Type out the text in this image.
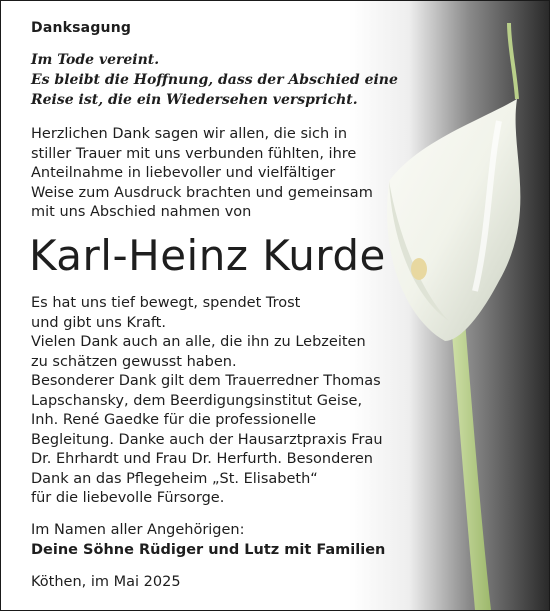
Danksagung

Im Tode vereint.
Es bleibt die Hoffnung, dass der Abschied eine
Reise ist, die ein Wiedersehen verspricht.

Herzlichen Dank sagen wir allen, die sich in
stiller Trauer mit uns verbunden fühlten, ihre
Anteilnahme in liebevoller und vielfältiger
Weise zum Ausdruck brachten und gemeinsam
mit uns Abschied nahmen von

Karl-Heinz Kurde

Es hat uns tief bewegt, spendet Trost
und gibt uns Kraft.
Vielen Dank auch an alle, die ihn zu Lebzeiten
zu schätzen gewusst haben.
Besonderer Dank gilt dem Trauerredner Thomas
Lapschansky, dem Beerdigungsinstitut Geise,
Inh. René Gaedke für die professionelle
Begleitung. Danke auch der Hausarztpraxis Frau
Dr. Ehrhardt und Frau Dr. Herfurth. Besonderen
Dank an das Pflegeheim „St. Elisabeth“
für die liebevolle Fürsorge.

Im Namen aller Angehörigen:

Deine Söhne Rüdiger und Lutz mit Familien

Köthen, im Mai 2025
